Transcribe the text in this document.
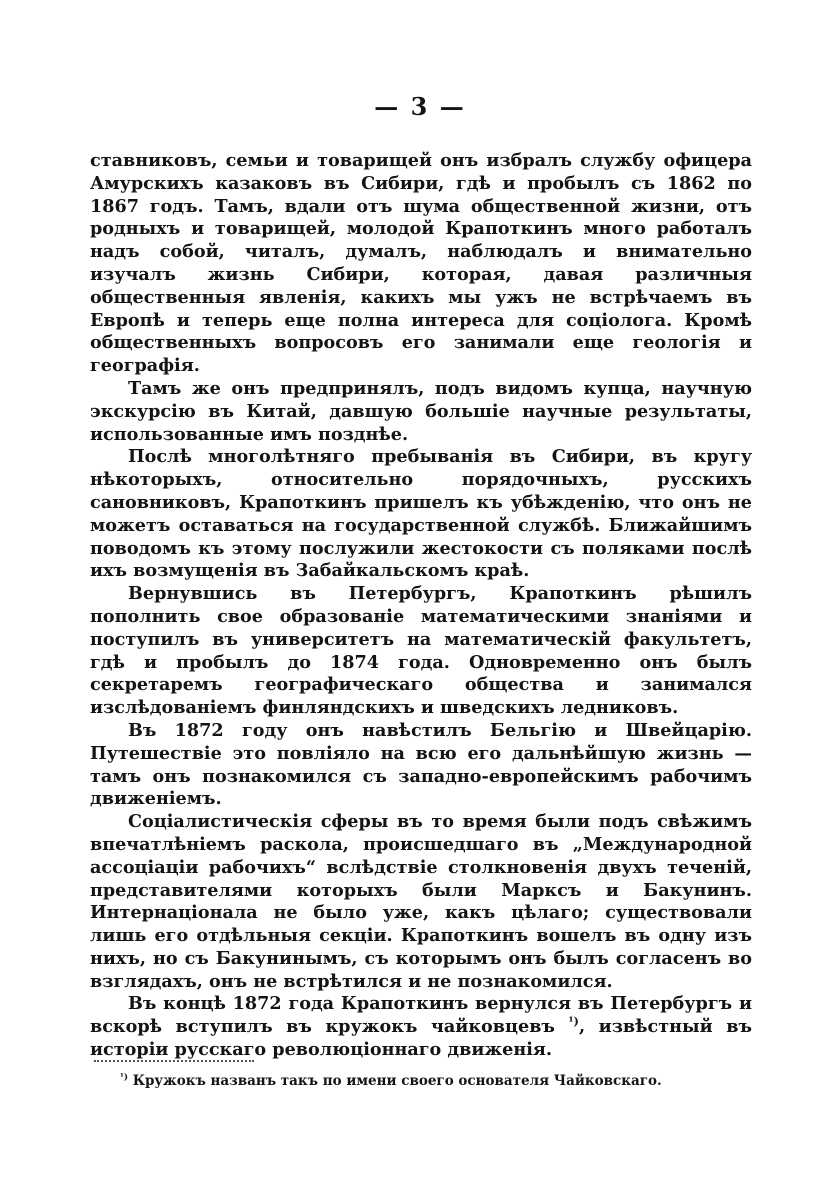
— 3 —

ставниковъ, семьи и товарищей онъ избралъ службу офицера Амурскихъ казаковъ въ Сибири, гдѣ и пробылъ съ 1862 по 1867 годъ. Тамъ, вдали отъ шума общественной жизни, отъ родныхъ и товарищей, молодой Крапоткинъ много работалъ надъ собой, читалъ, думалъ, наблюдалъ и внимательно изучалъ жизнь Сибири, которая, давая различныя общественныя явленія, какихъ мы ужъ не встрѣчаемъ въ Европѣ и теперь еще полна интереса для соціолога. Кромѣ общественныхъ вопросовъ его занимали еще геологія и географія.

Тамъ же онъ предпринялъ, подъ видомъ купца, научную экскурсію въ Китай, давшую большіе научные результаты, использованные имъ позднѣе.

Послѣ многолѣтняго пребыванія въ Сибири, въ кругу нѣкоторыхъ, относительно порядочныхъ, русскихъ сановниковъ, Крапоткинъ пришелъ къ убѣжденію, что онъ не можетъ оставаться на государственной службѣ. Ближайшимъ поводомъ къ этому послужили жестокости съ поляками послѣ ихъ возмущенія въ Забайкальскомъ краѣ.

Вернувшись въ Петербургъ, Крапоткинъ рѣшилъ пополнить свое образованіе математическими знаніями и поступилъ въ университетъ на математическій факультетъ, гдѣ и пробылъ до 1874 года. Одновременно онъ былъ секретаремъ географическаго общества и занимался изслѣдованіемъ финляндскихъ и шведскихъ ледниковъ.

Въ 1872 году онъ навѣстилъ Бельгію и Швейцарію. Путешествіе это повліяло на всю его дальнѣйшую жизнь — тамъ онъ познакомился съ западно-европейскимъ рабочимъ движеніемъ.

Соціалистическія сферы въ то время были подъ свѣжимъ впечатлѣніемъ раскола, происшедшаго въ „Международной ассоціаціи рабочихъ“ вслѣдствіе столкновенія двухъ теченій, представителями которыхъ были Марксъ и Бакунинъ. Интернаціонала не было уже, какъ цѣлаго; существовали лишь его отдѣльныя секціи. Крапоткинъ вошелъ въ одну изъ нихъ, но съ Бакунинымъ, съ которымъ онъ былъ согласенъ во взглядахъ, онъ не встрѣтился и не познакомился.

Въ концѣ 1872 года Крапоткинъ вернулся въ Петербургъ и вскорѣ вступилъ въ кружокъ чайковцевъ $^{^1)}$, извѣстный въ исторіи русскаго революціоннаго движенія.

$^{^1)}$ Кружокъ названъ такъ по имени своего основателя Чайковскаго.
